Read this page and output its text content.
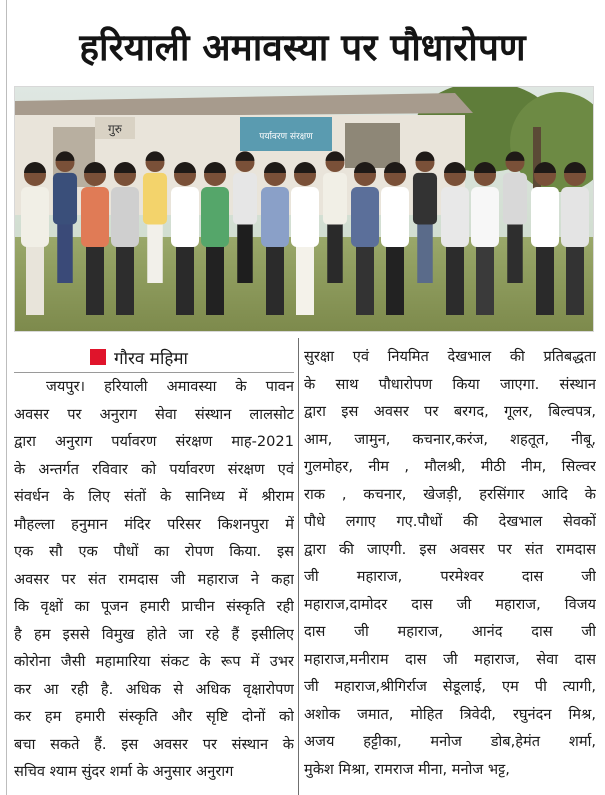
हरियाली अमावस्या पर पौधारोपण
पर्यावरण संरक्षण
गुरु
गौरव महिमा
जयपुर। हरियाली अमावस्या के पावन
अवसर पर अनुराग सेवा संस्थान लालसोट
द्वारा अनुराग पर्यावरण संरक्षण माह-2021
के अन्तर्गत रविवार को पर्यावरण संरक्षण एवं
संवर्धन के लिए संतों के सानिध्य में श्रीराम
मौहल्ला हनुमान मंदिर परिसर किशनपुरा में
एक सौ एक पौधों का रोपण किया. इस
अवसर पर संत रामदास जी महाराज ने कहा
कि वृक्षों का पूजन हमारी प्राचीन संस्कृति रही
है हम इससे विमुख होते जा रहे हैं इसीलिए
कोरोना जैसी महामारिया संकट के रूप में उभर
कर आ रही है. अधिक से अधिक वृक्षारोपण
कर हम हमारी संस्कृति और सृष्टि दोनों को
बचा सकते हैं. इस अवसर पर संस्थान के
सचिव श्याम सुंदर शर्मा के अनुसार अनुराग
सुरक्षा एवं नियमित देखभाल की प्रतिबद्धता
के साथ पौधारोपण किया जाएगा. संस्थान
द्वारा इस अवसर पर बरगद, गूलर, बिल्वपत्र,
आम, जामुन, कचनार,करंज, शहतूत, नीबू,
गुलमोहर, नीम , मौलश्री, मीठी नीम, सिल्वर
राक , कचनार, खेजड़ी, हरसिंगार आदि के
पौधे लगाए गए.पौधों की देखभाल सेवकों
द्वारा की जाएगी. इस अवसर पर संत रामदास
जी महाराज, परमेश्वर दास जी
महाराज,दामोदर दास जी महाराज, विजय
दास जी महाराज, आनंद दास जी
महाराज,मनीराम दास जी महाराज, सेवा दास
जी महाराज,श्रीगिर्राज सेडूलाई, एम पी त्यागी,
अशोक जमात, मोहित त्रिवेदी, रघुनंदन मिश्र,
अजय हट्टीका, मनोज डोब,हेमंत शर्मा,
मुकेश मिश्रा, रामराज मीना, मनोज भट्ट,
